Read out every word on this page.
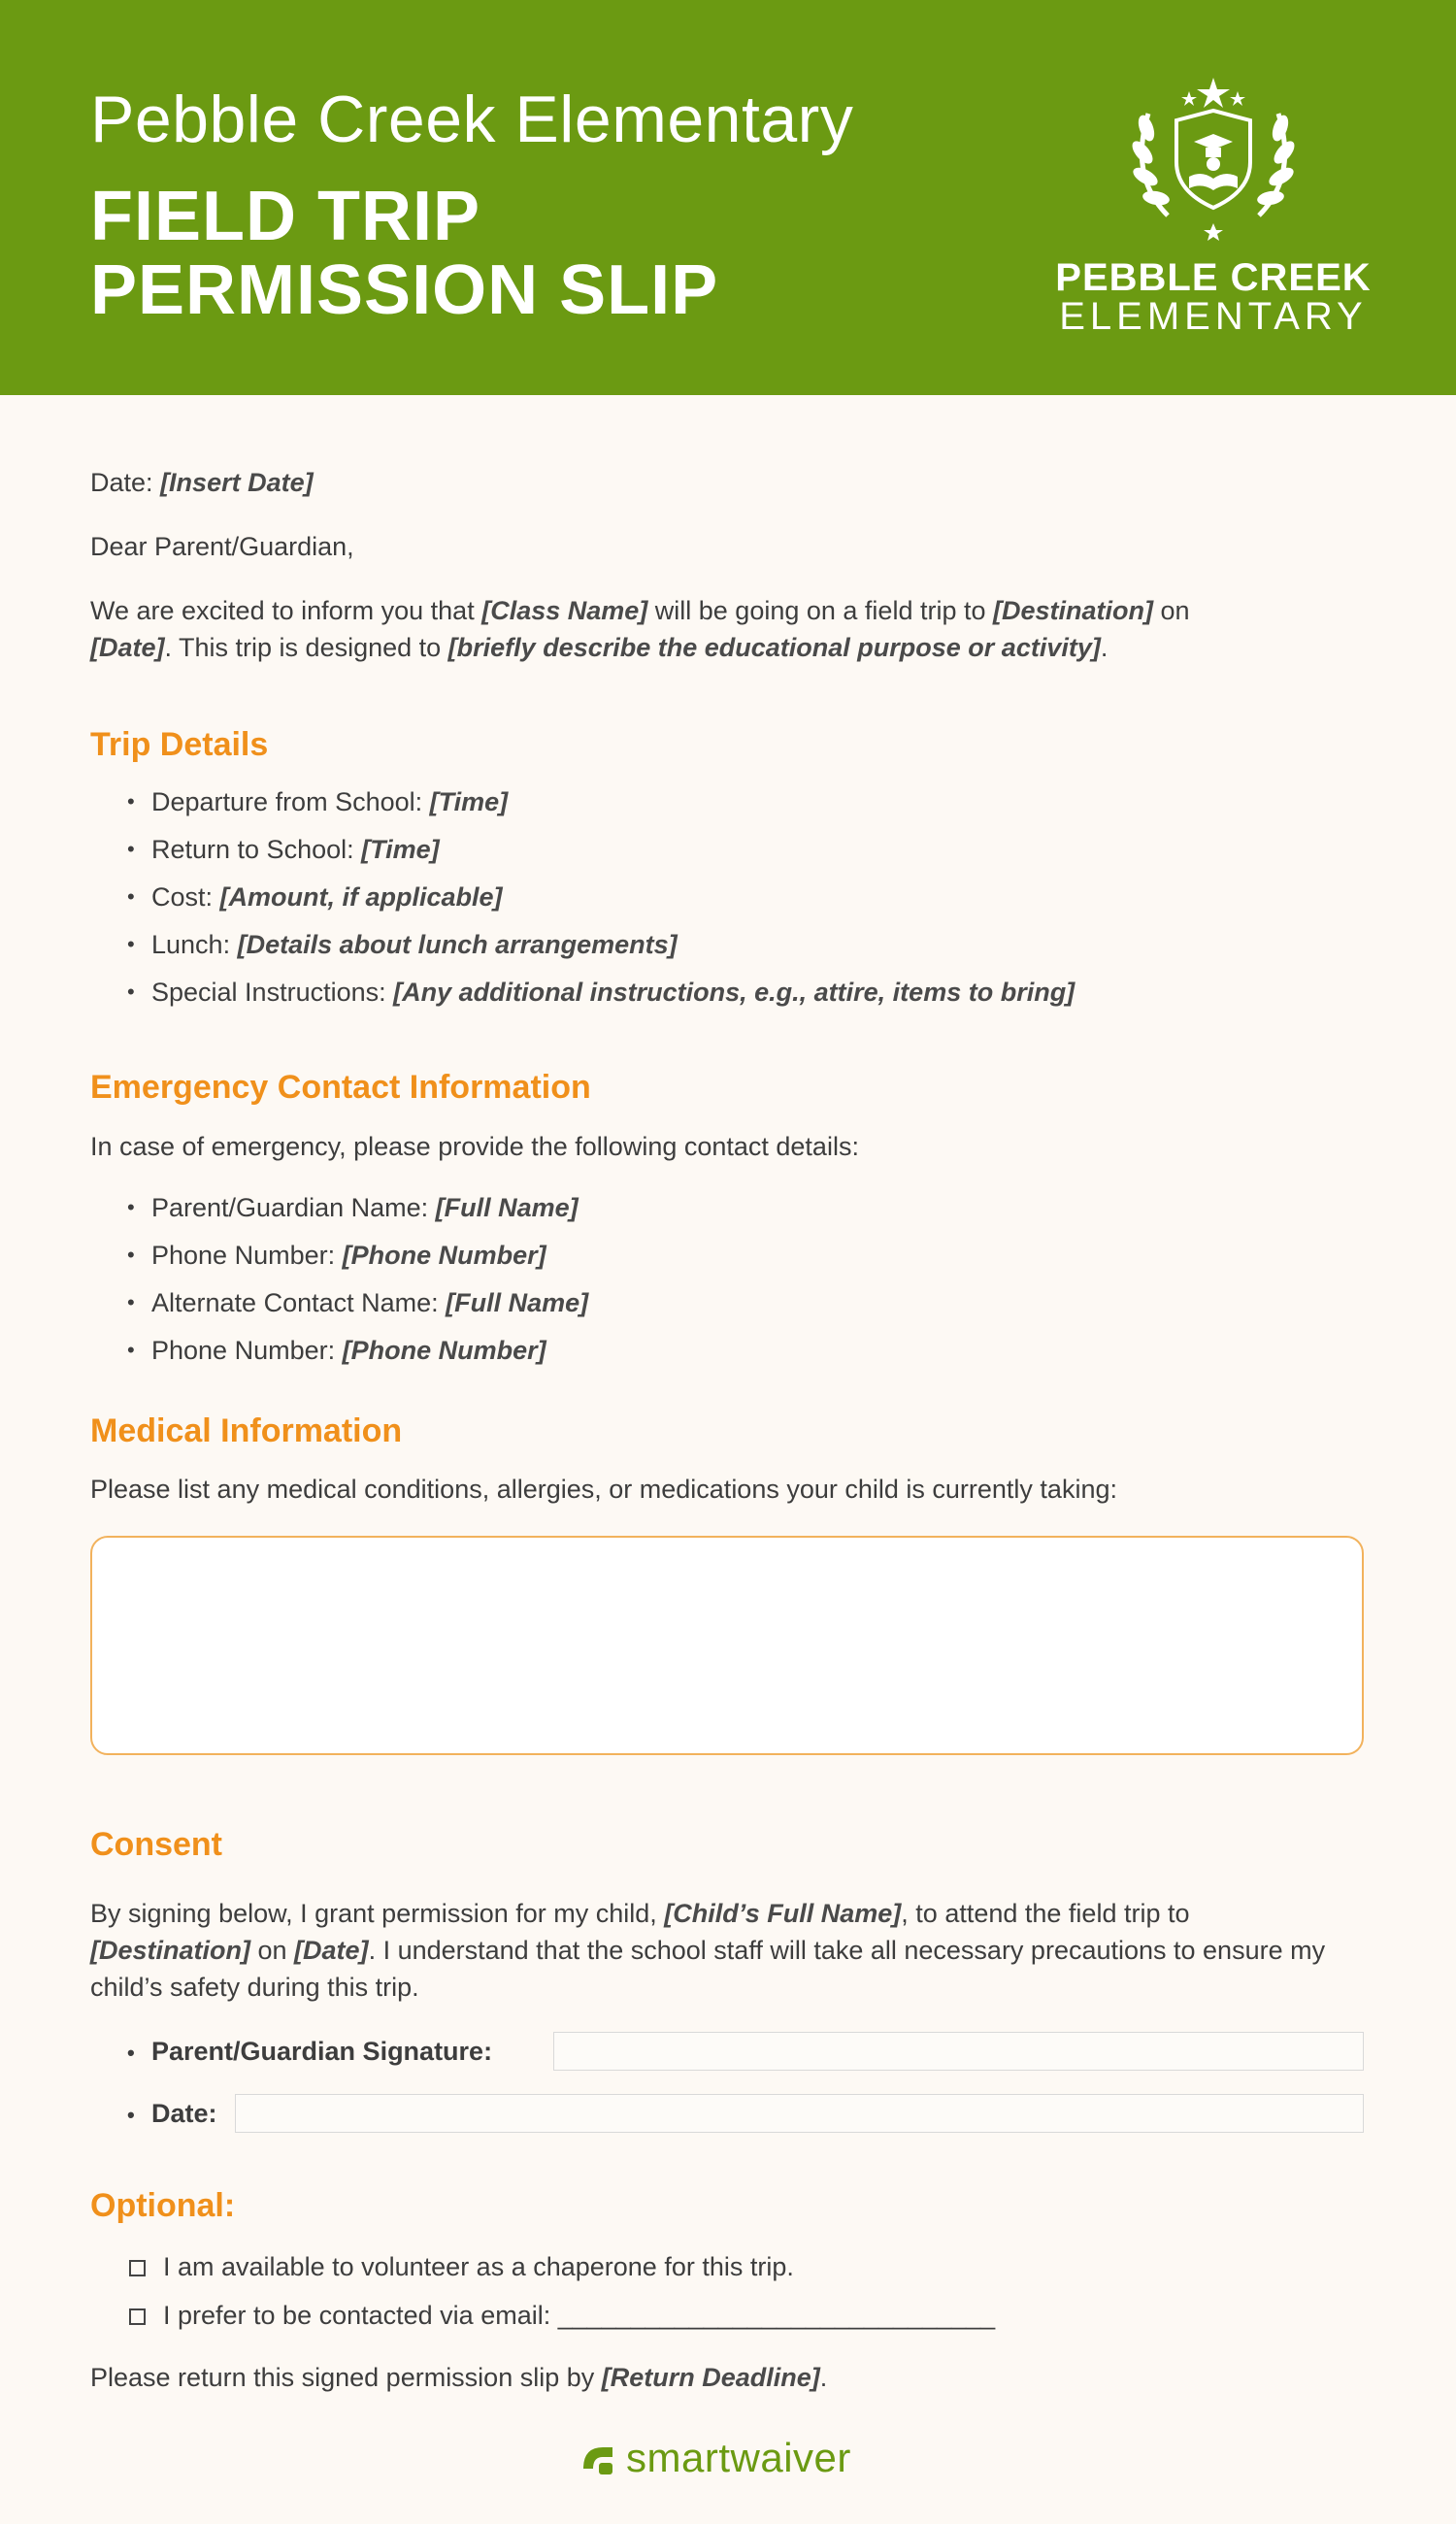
Pebble Creek Elementary
FIELD TRIP
PERMISSION SLIP	PEBBLE CREEK
ELEMENTARY
Date: [Insert Date]
Dear Parent/Guardian,
We are excited to inform you that [Class Name] will be going on a field trip to [Destination] on
[Date]. This trip is designed to [briefly describe the educational purpose or activity].
Trip Details
• Departure from School: [Time]
• Return to School: [Time]
• Cost: [Amount, if applicable]
• Lunch: [Details about lunch arrangements]
• Special Instructions: [Any additional instructions, e.g., attire, items to bring]
Emergency Contact Information
In case of emergency, please provide the following contact details:
• Parent/Guardian Name: [Full Name]
• Phone Number: [Phone Number]
• Alternate Contact Name: [Full Name]
• Phone Number: [Phone Number]
Medical Information
Please list any medical conditions, allergies, or medications your child is currently taking:
Consent
By signing below, I grant permission for my child, [Child’s Full Name], to attend the field trip to
[Destination] on [Date]. I understand that the school staff will take all necessary precautions to ensure my child’s safety during this trip.
• Parent/Guardian Signature:
• Date:
Optional:
I am available to volunteer as a chaperone for this trip.
I prefer to be contacted via email: ______________________________
Please return this signed permission slip by [Return Deadline].
smartwaiver
